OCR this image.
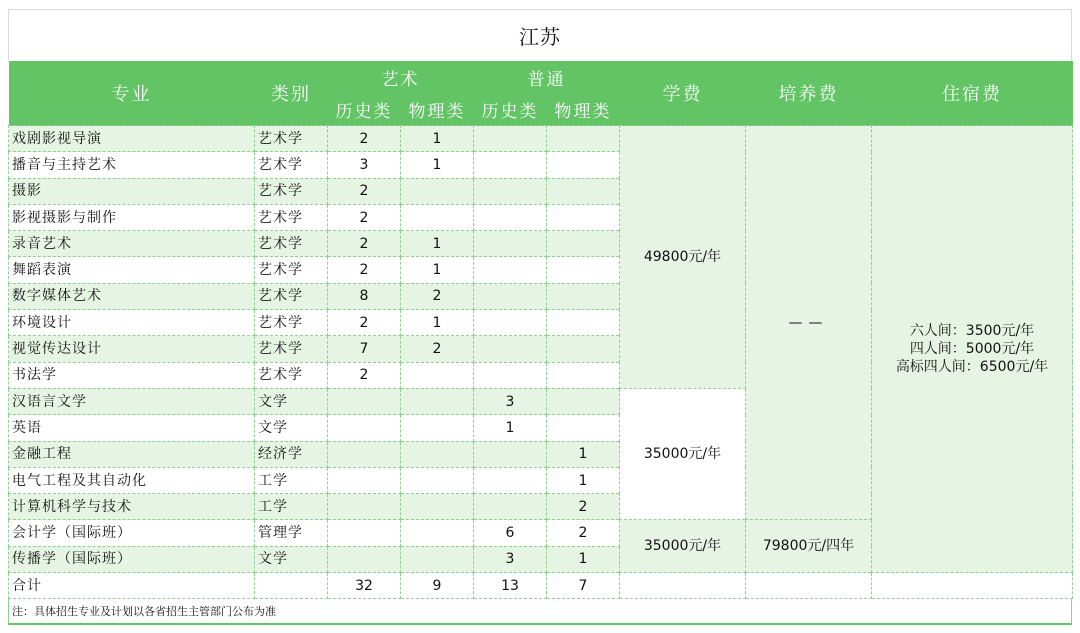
江苏
专业	类别	艺术		普通		学费	培养费	住宿费
		历史类	物理类	历史类	物理类			
戏剧影视导演	艺术学	2	1			49800元/年	——	六人间：3500元/年
四人间：5000元/年
高标四人间：6500元/年

播音与主持艺术	艺术学	3	1					
摄影	艺术学	2						
影视摄影与制作	艺术学	2						
录音艺术	艺术学	2	1					
舞蹈表演	艺术学	2	1					
数字媒体艺术	艺术学	8	2					
环境设计	艺术学	2	1					
视觉传达设计	艺术学	7	2					
书法学	艺术学	2						
汉语言文学	文学			3		35000元/年		
英语	文学			1				
金融工程	经济学				1			
电气工程及其自动化	工学				1			
计算机科学与技术	工学				2			
会计学（国际班）	管理学			6	2	35000元/年	79800元/四年	
传播学（国际班）	文学			3	1			
合计		32	9	13	7			
注：具体招生专业及计划以各省招生主管部门公布为准
